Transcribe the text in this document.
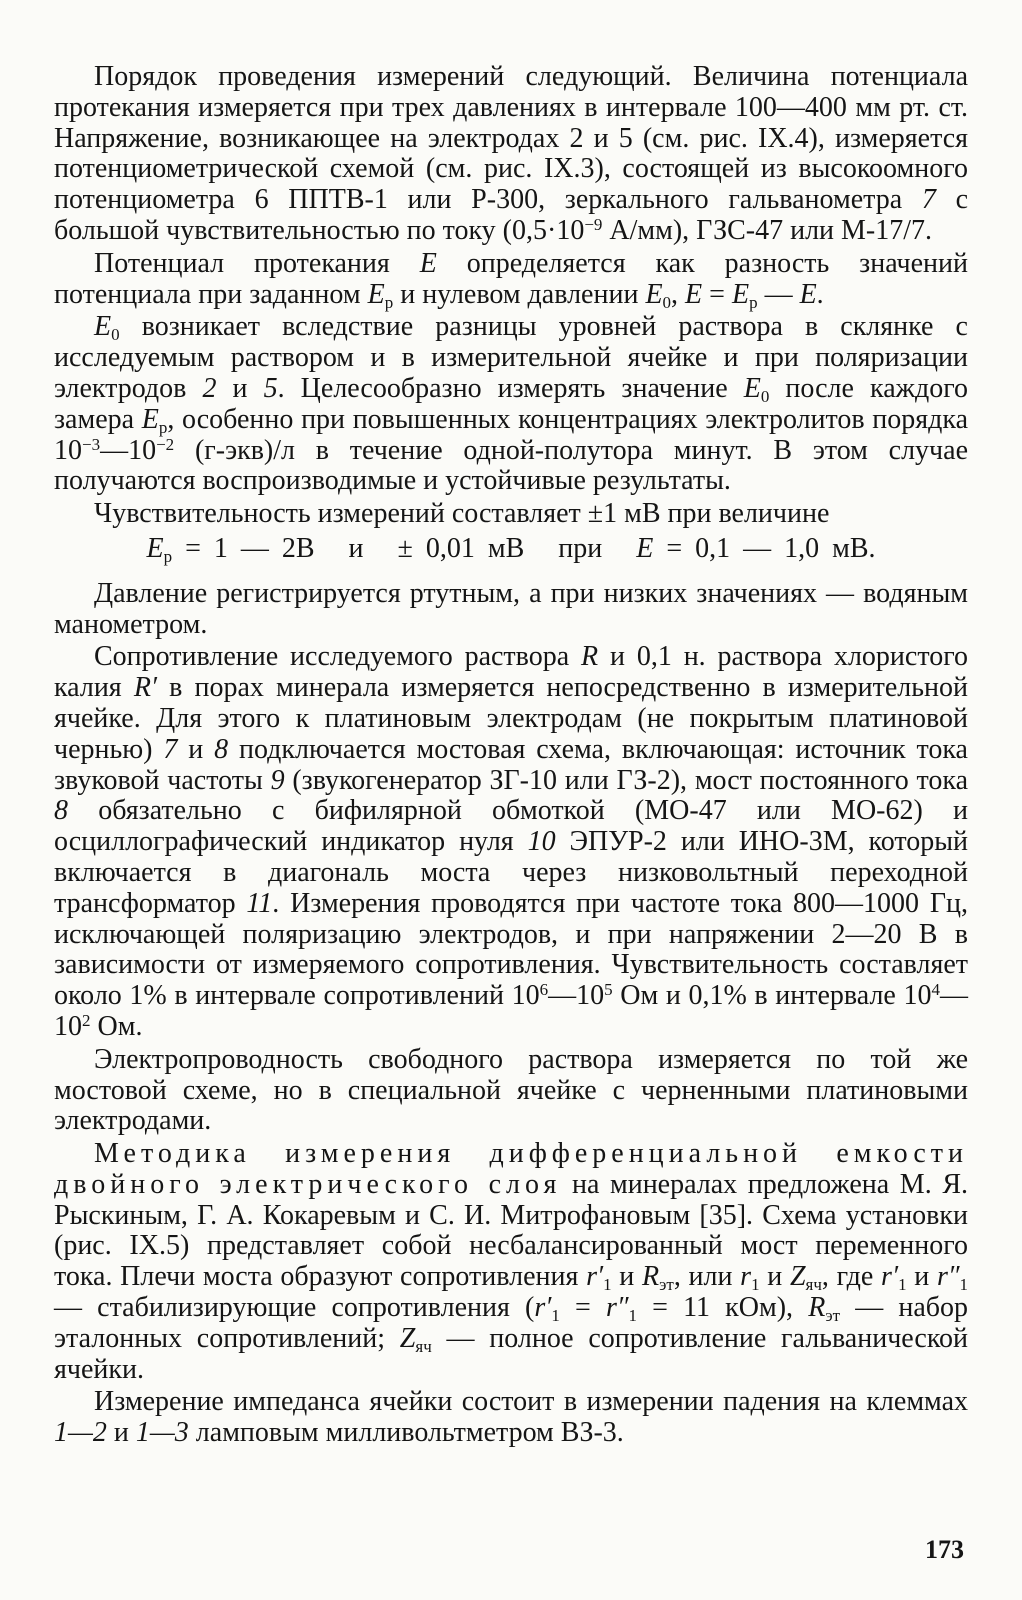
Порядок проведения измерений следующий. Величина потенциала протекания измеряется при трех давлениях в интервале 100—400 мм рт. ст. Напряжение, возникающее на электродах 2 и 5 (см. рис. IX.4), измеряется потенциометрической схемой (см. рис. IX.3), состоящей из высокоомного потенциометра 6 ППТВ-1 или Р-300, зеркального гальванометра 7 с большой чувствительностью по току ($0,5\cdot 10^{-9}$ А/мм), ГЗС-47 или М-17/7.

Потенциал протекания E определяется как разность значений потенциала при заданном $E_p$ и нулевом давлении $E_0$, $E = E_p$ — E.

$E_0$ возникает вследствие разницы уровней раствора в склянке с исследуемым раствором и в измерительной ячейке и при поляризации электродов 2 и 5. Целесообразно измерять значение $E_0$ после каждого замера $E_p$, особенно при повышенных концентрациях электролитов порядка $10^{-3}—10^{-2}$ (г-экв)/л в течение одной-полутора минут. В этом случае получаются воспроизводимые и устойчивые результаты.

Чувствительность измерений составляет ±1 мВ при величине

$E_p = 1$ — 2В и ± 0,01 мВ при E = 0,1 — 1,0 мВ.

Давление регистрируется ртутным, а при низких значениях — водяным манометром.

Сопротивление исследуемого раствора R и 0,1 н. раствора хлористого калия R′ в порах минерала измеряется непосредственно в измерительной ячейке. Для этого к платиновым электродам (не покрытым платиновой чернью) 7 и 8 подключается мостовая схема, включающая: источник тока звуковой частоты 9 (звукогенератор ЗГ-10 или ГЗ-2), мост постоянного тока 8 обязательно с бифилярной обмоткой (МО-47 или МО-62) и осциллографический индикатор нуля 10 ЭПУР-2 или ИНО-3М, который включается в диагональ моста через низковольтный переходной трансформатор 11. Измерения проводятся при частоте тока 800—1000 Гц, исключающей поляризацию электродов, и при напряжении 2—20 В в зависимости от измеряемого сопротивления. Чувствительность составляет около 1% в интервале сопротивлений $10^6—10^5$ Ом и 0,1% в интервале $10^4—10^2$ Ом.

Электропроводность свободного раствора измеряется по той же мостовой схеме, но в специальной ячейке с черненными платиновыми электродами.

Методика измерения дифференциальной емкости двойного электрического слоя на минералах предложена М. Я. Рыскиным, Г. А. Кокаревым и С. И. Митрофановым [35]. Схема установки (рис. IX.5) представляет собой несбалансированный мост переменного тока. Плечи моста образуют сопротивления $r'_1$ и $R_{эт}$, или $r_1$ и $Z_{яч}$, где $r'_1$ и $r''_1$ — стабилизирующие сопротивления ($r'_1 = r''_1 = 11$ кОм), $R_{эт}$ — набор эталонных сопротивлений; $Z_{яч}$ — полное сопротивление гальванической ячейки.

Измерение импеданса ячейки состоит в измерении падения на клеммах 1—2 и 1—3 ламповым милливольтметром ВЗ-3.

173
